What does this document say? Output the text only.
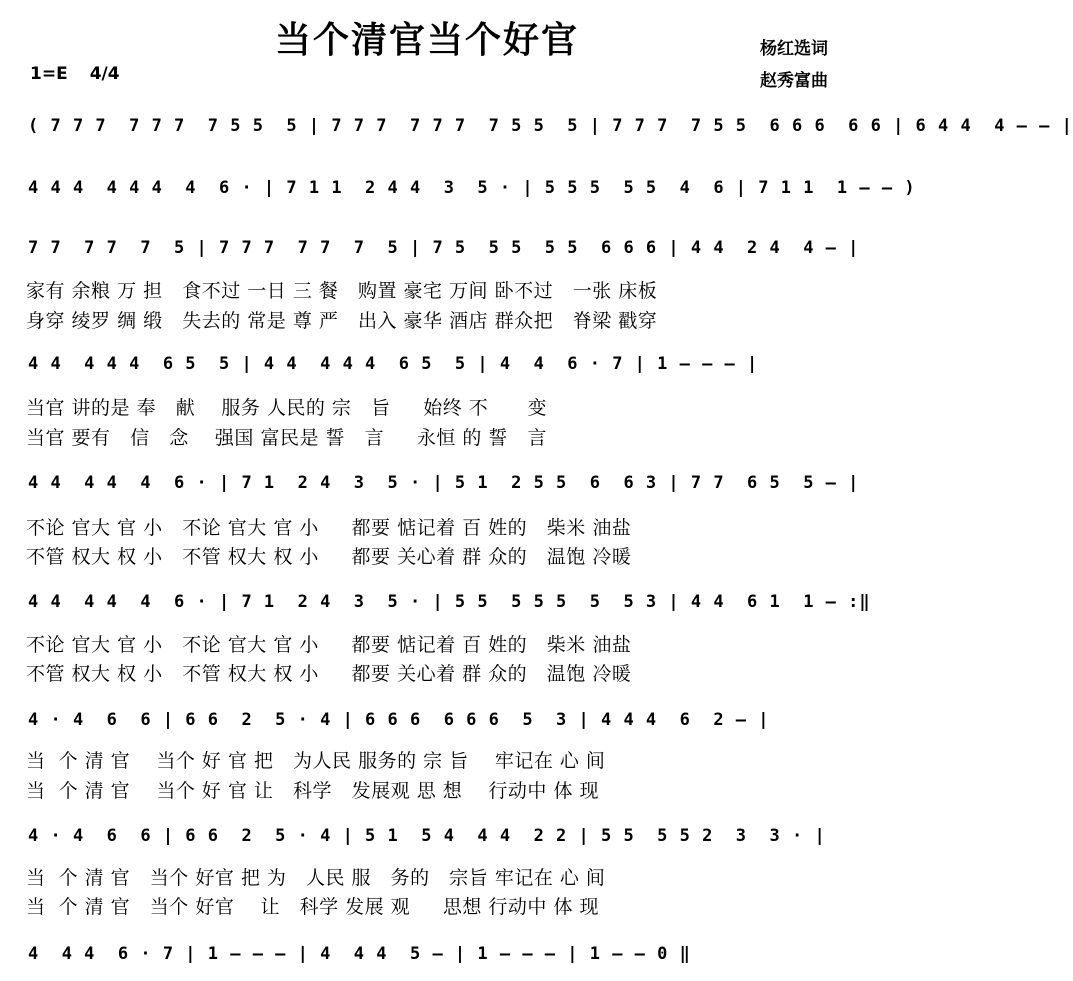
当个清官当个好官	杨红选词
赵秀富曲
1=E 4/4
( 7 7 7  7 7 7  7 5 5  5 | 7 7 7  7 7 7  7 5 5  5 | 7 7 7  7 5 5  6 6 6  6 6 | 6 4 4  4 – – |
4 4 4  4 4 4  4  6 · | 7 1 1  2 4 4  3  5 · | 5 5 5  5 5  4  6 | 7 1 1  1 – – )
7 7  7 7  7  5 | 7 7 7  7 7  7  5 | 7 5  5 5  5 5  6 6 6 | 4 4  2 4  4 – |
家有 余粮 万 担   食不过 一日 三 餐   购置 豪宅 万间 卧不过   一张 床板
身穿 绫罗 绸 缎   失去的 常是 尊 严   出入 豪华 酒店 群众把   脊梁 戳穿
4 4  4 4 4  6 5  5 | 4 4  4 4 4  6 5  5 | 4  4  6 · 7 | 1 – – – |
当官 讲的是 奉   献    服务 人民的 宗   旨     始终 不      变
当官 要有   信   念    强国 富民是 誓   言     永恒 的 誓   言
4 4  4 4  4  6 · | 7 1  2 4  3  5 · | 5 1  2 5 5  6  6 3 | 7 7  6 5  5 – |
不论 官大 官 小   不论 官大 官 小     都要 惦记着 百 姓的   柴米 油盐
不管 权大 权 小   不管 权大 权 小     都要 关心着 群 众的   温饱 冷暖
4 4  4 4  4  6 · | 7 1  2 4  3  5 · | 5 5  5 5 5  5  5 3 | 4 4  6 1  1 – :‖
不论 官大 官 小   不论 官大 官 小     都要 惦记着 百 姓的   柴米 油盐
不管 权大 权 小   不管 权大 权 小     都要 关心着 群 众的   温饱 冷暖
4 · 4  6  6 | 6 6  2  5 · 4 | 6 6 6  6 6 6  5  3 | 4 4 4  6  2 – |
当  个 清 官    当个 好 官 把   为人民 服务的 宗 旨    牢记在 心 间
当  个 清 官    当个 好 官 让   科学   发展观 思 想    行动中 体 现
4 · 4  6  6 | 6 6  2  5 · 4 | 5 1  5 4  4 4  2 2 | 5 5  5 5 2  3  3 · |
当  个 清 官   当个 好官 把 为   人民 服   务的   宗旨 牢记在 心 间
当  个 清 官   当个 好官    让   科学 发展 观     思想 行动中 体 现
4  4 4  6 · 7 | 1 – – – | 4  4 4  5 – | 1 – – – | 1 – – 0 ‖
